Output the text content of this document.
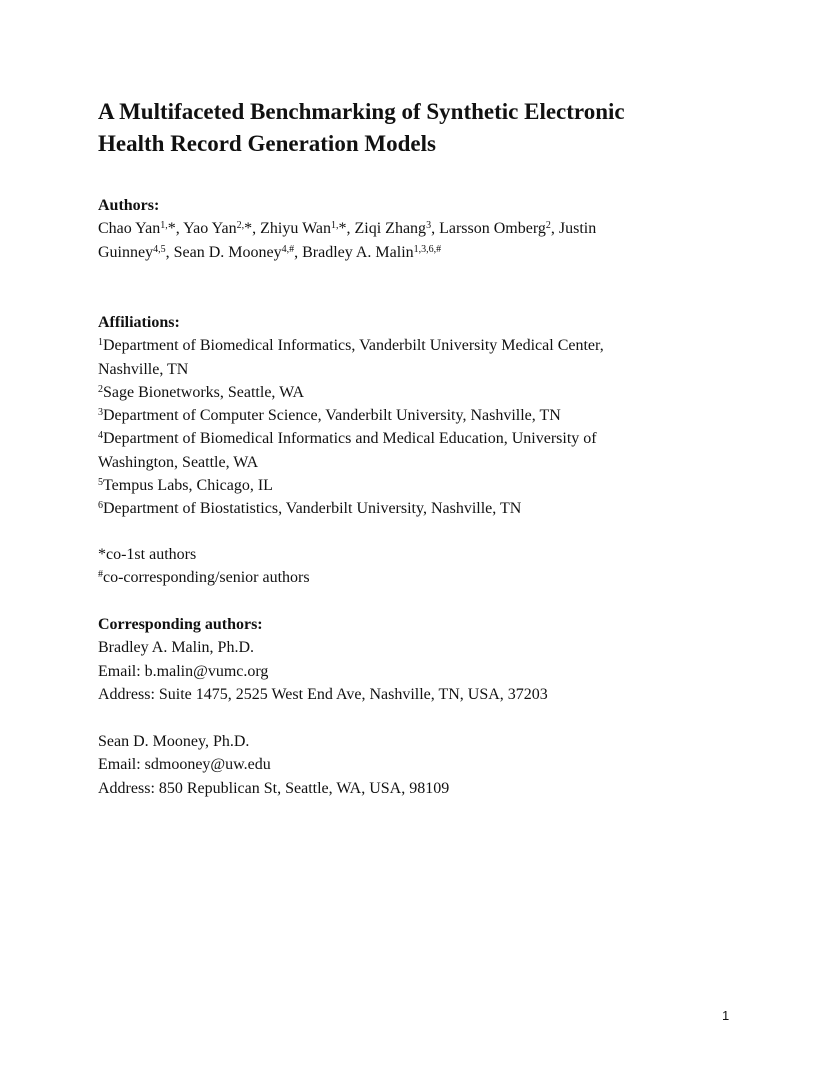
A Multifaceted Benchmarking of Synthetic Electronic
Health Record Generation Models
Authors:
Chao Yan$^{1,}$*, Yao Yan$^{2,}$*, Zhiyu Wan$^{1,}$*, Ziqi Zhang$^3$, Larsson Omberg$^2$, Justin
Guinney$^{4,5}$, Sean D. Mooney$^{4,\#}$, Bradley A. Malin$^{1,3,6,\#}$
Affiliations:
$^1$Department of Biomedical Informatics, Vanderbilt University Medical Center,
Nashville, TN
$^2$Sage Bionetworks, Seattle, WA
$^3$Department of Computer Science, Vanderbilt University, Nashville, TN
$^4$Department of Biomedical Informatics and Medical Education, University of
Washington, Seattle, WA
$^5$Tempus Labs, Chicago, IL
$^6$Department of Biostatistics, Vanderbilt University, Nashville, TN
*co-1st authors
#co-corresponding/senior authors
Corresponding authors:
Bradley A. Malin, Ph.D.
Email: b.malin@vumc.org
Address: Suite 1475, 2525 West End Ave, Nashville, TN, USA, 37203
Sean D. Mooney, Ph.D.
Email: sdmooney@uw.edu
Address: 850 Republican St, Seattle, WA, USA, 98109
1
